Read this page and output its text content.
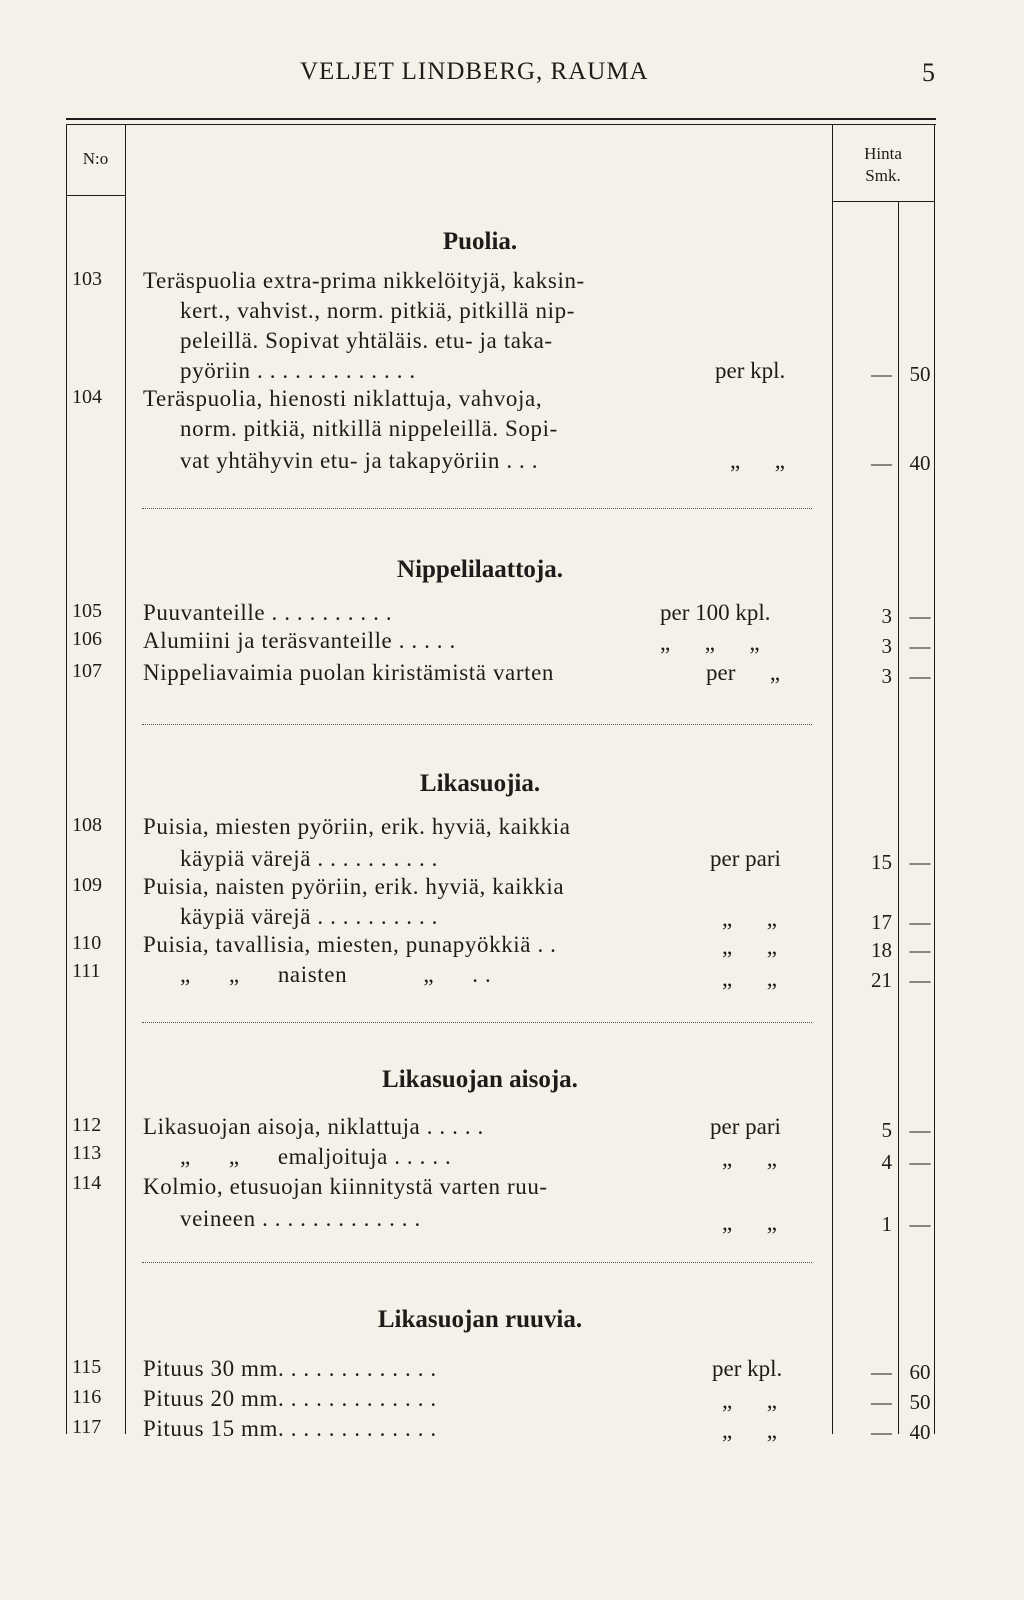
VELJET LINDBERG, RAUMA	5
N:o	Hinta
Smk.
Puolia.
103 Teräspuolia extra-prima nikkelöityjä, kaksin-
kert., vahvist., norm. pitkiä, pitkillä nip-
peleillä. Sopivat yhtäläis. etu- ja taka-
pyöriin . . . . . . . . . . . . .	per kpl.	— 50
104 Teräspuolia, hienosti niklattuja, vahvoja,
norm. pitkiä, nitkillä nippeleillä. Sopi-
vat yhtähyvin etu- ja takapyöriin . . .	„      „	— 40
Nippelilaattoja.
105 Puuvanteille . . . . . . . . . .	per 100 kpl.	3 —
106 Alumiini ja teräsvanteille . . . . .	„      „      „	3 —
107 Nippeliavaimia puolan kiristämistä varten	per      „	3 —
Likasuojia.
108 Puisia, miesten pyöriin, erik. hyviä, kaikkia
käypiä värejä . . . . . . . . . .	per pari	15 —
109 Puisia, naisten pyöriin, erik. hyviä, kaikkia
käypiä värejä . . . . . . . . . .	„      „	17 —
110 Puisia, tavallisia, miesten, punapyökkiä . .	„      „	18 —
111	„      „      naisten            „      . .	„      „	21 —
Likasuojan aisoja.
112 Likasuojan aisoja, niklattuja . . . . .	per pari	5 —
113	„      „      emaljoituja . . . . .	„      „	4 —
114 Kolmio, etusuojan kiinnitystä varten ruu-
veineen . . . . . . . . . . . . .	„      „	1 —
Likasuojan ruuvia.
115 Pituus 30 mm. . . . . . . . . . . . .	per kpl.	— 60
116 Pituus 20 mm. . . . . . . . . . . . .	„      „	— 50
117 Pituus 15 mm. . . . . . . . . . . . .	„      „	— 40
